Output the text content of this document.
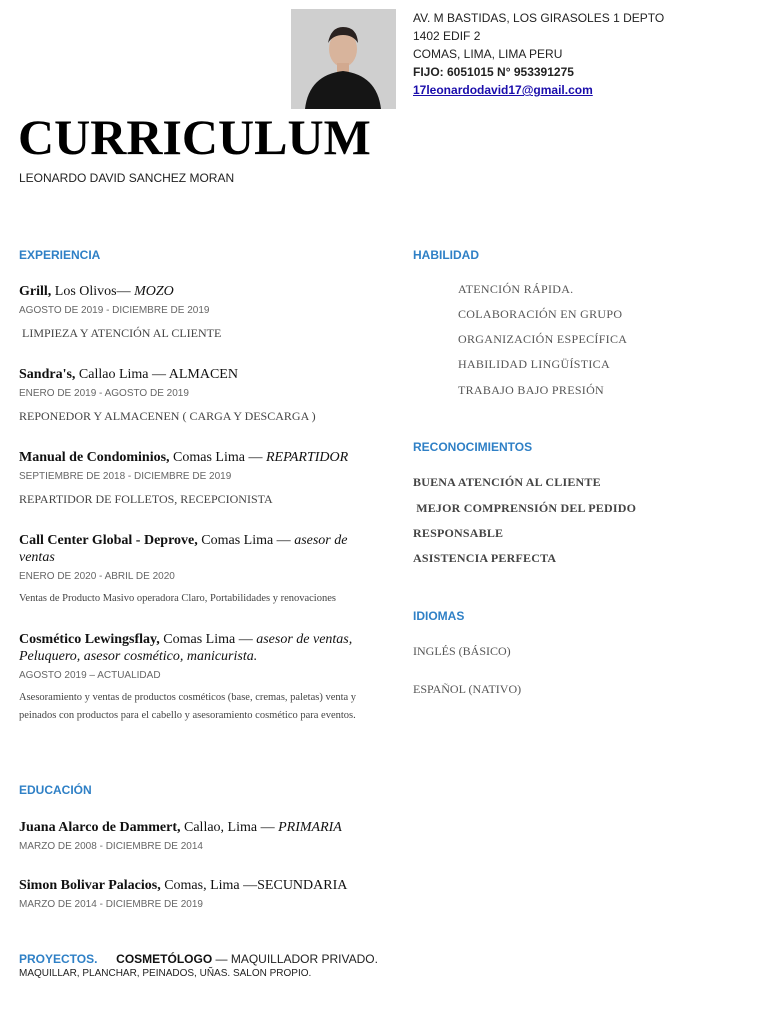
AV. M BASTIDAS, LOS GIRASOLES 1 DEPTO
1402 EDIF 2
COMAS, LIMA, LIMA PERU
FIJO: 6051015 N° 953391275
17leonardodavid17@gmail.com
CURRICULUM
LEONARDO DAVID SANCHEZ MORAN
EXPERIENCIA
Grill, Los Olivos— MOZO
AGOSTO DE 2019 - DICIEMBRE DE 2019
LIMPIEZA Y ATENCIÓN AL CLIENTE
Sandra's, Callao Lima — ALMACEN
ENERO DE 2019 - AGOSTO DE 2019
REPONEDOR Y ALMACENEN ( CARGA Y DESCARGA )
Manual de Condominios, Comas Lima — REPARTIDOR
SEPTIEMBRE DE 2018 - DICIEMBRE DE 2019
REPARTIDOR DE FOLLETOS, RECEPCIONISTA
Call Center Global - Deprove, Comas Lima — asesor de ventas
ENERO DE 2020 - ABRIL DE 2020
Ventas de Producto Masivo operadora Claro, Portabilidades y renovaciones
Cosmético Lewingsflay, Comas Lima — asesor de ventas, Peluquero, asesor cosmético, manicurista.
AGOSTO 2019 – ACTUALIDAD
Asesoramiento y ventas de productos cosméticos (base, cremas, paletas) venta y peinados con productos para el cabello y asesoramiento cosmético para eventos.
EDUCACIÓN
Juana Alarco de Dammert, Callao, Lima — PRIMARIA
MARZO DE 2008 - DICIEMBRE DE 2014
Simon Bolivar Palacios, Comas, Lima —SECUNDARIA
MARZO DE 2014 - DICIEMBRE DE 2019
PROYECTOS. COSMETÓLOGO — MAQUILLADOR PRIVADO.
MAQUILLAR, PLANCHAR, PEINADOS, UÑAS. SALON PROPIO.
HABILIDAD
ATENCIÓN RÁPIDA.
COLABORACIÓN EN GRUPO
ORGANIZACIÓN ESPECÍFICA
HABILIDAD LINGÜÍSTICA
TRABAJO BAJO PRESIÓN
RECONOCIMIENTOS
BUENA ATENCIÓN AL CLIENTE
MEJOR COMPRENSIÓN DEL PEDIDO
RESPONSABLE
ASISTENCIA PERFECTA
IDIOMAS
INGLÉS (BÁSICO)
ESPAÑOL (NATIVO)
